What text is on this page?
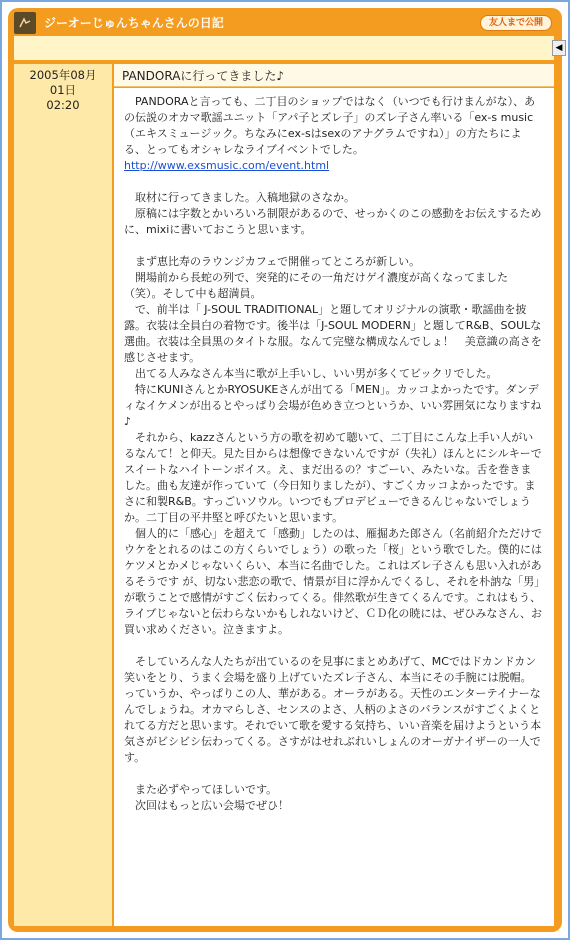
ジーオーじゅんちゃんさんの日記	友人まで公開
◀
2005年08月
01日
02:20
PANDORAに行ってきました♪

　PANDORAと言っても、二丁目のショップではなく（いつでも行けまんがな）、あの伝説のオカマ歌謡ユニット「アパ子とズレ子」のズレ子さん率いる「ex-s music（エキスミュージック。ちなみにex-sはsexのアナグラムですね）」の方たちによる、とってもオシャレなライブイベントでした。

http://www.exsmusic.com/event.html

　取材に行ってきました。入稿地獄のさなか。

　原稿には字数とかいろいろ制限があるので、せっかくのこの感動をお伝えするために、mixiに書いておこうと思います。

　まず恵比寿のラウンジカフェで開催ってところが新しい。

　開場前から長蛇の列で、突発的にその一角だけゲイ濃度が高くなってました（笑）。そして中も超満員。

　で、前半は「 J-SOUL TRADITIONAL」と題してオリジナルの演歌・歌謡曲を披露。衣装は全員白の着物です。後半は「J-SOUL MODERN」と題してR&B、SOULな選曲。衣装は全員黒のタイトな服。なんて完璧な構成なんでしょ！　美意識の高さを感じさせます。

　出てる人みなさん本当に歌が上手いし、いい男が多くてビックリでした。

　特にKUNIさんとかRYOSUKEさんが出てる「MEN」。カッコよかったです。ダンディなイケメンが出るとやっぱり会場が色めき立つというか、いい雰囲気になりますね♪

　それから、kazzさんという方の歌を初めて聴いて、二丁目にこんな上手い人がいるなんて！と仰天。見た目からは想像できないんですが（失礼）ほんとにシルキーでスイートなハイトーンボイス。え、まだ出るの？すごーい、みたいな。舌を巻きました。曲も友達が作っていて（今日知りましたが）、すごくカッコよかったです。まさに和製R&B。すっごいソウル。いつでもプロデビューできるんじゃないでしょうか。二丁目の平井堅と呼びたいと思います。

　個人的に「感心」を超えて「感動」したのは、雁掘あた郎さん（名前紹介ただけでウケをとれるのはこの方くらいでしょう）の歌った「桜」という歌でした。僕的にはケツメとかメじゃないくらい、本当に名曲でした。これはズレ子さんも思い入れがあるそうです が、切ない悲恋の歌で、情景が目に浮かんでくるし、それを朴訥な「男」が歌うことで感情がすごく伝わってくる。俳然歌が生きてくるんです。これはもう、ライブじゃないと伝わらないかもしれないけど、ＣＤ化の暁には、ぜひみなさん、お買い求めください。泣きますよ。

　そしていろんな人たちが出ているのを見事にまとめあげて、MCではドカンドカン笑いをとり、うまく会場を盛り上げていたズレ子さん、本当にその手腕には脱帽。っていうか、やっぱりこの人、華がある。オーラがある。天性のエンターテイナーなんでしょうね。オカマらしさ、センスのよさ、人柄のよさのバランスがすごくよくとれてる方だと思います。それでいて歌を愛する気持ち、いい音楽を届けようという本気さがビシビシ伝わってくる。さすがはせれぶれいしょんのオーガナイザーの一人です。

　また必ずやってほしいです。

　次回はもっと広い会場でぜひ！
